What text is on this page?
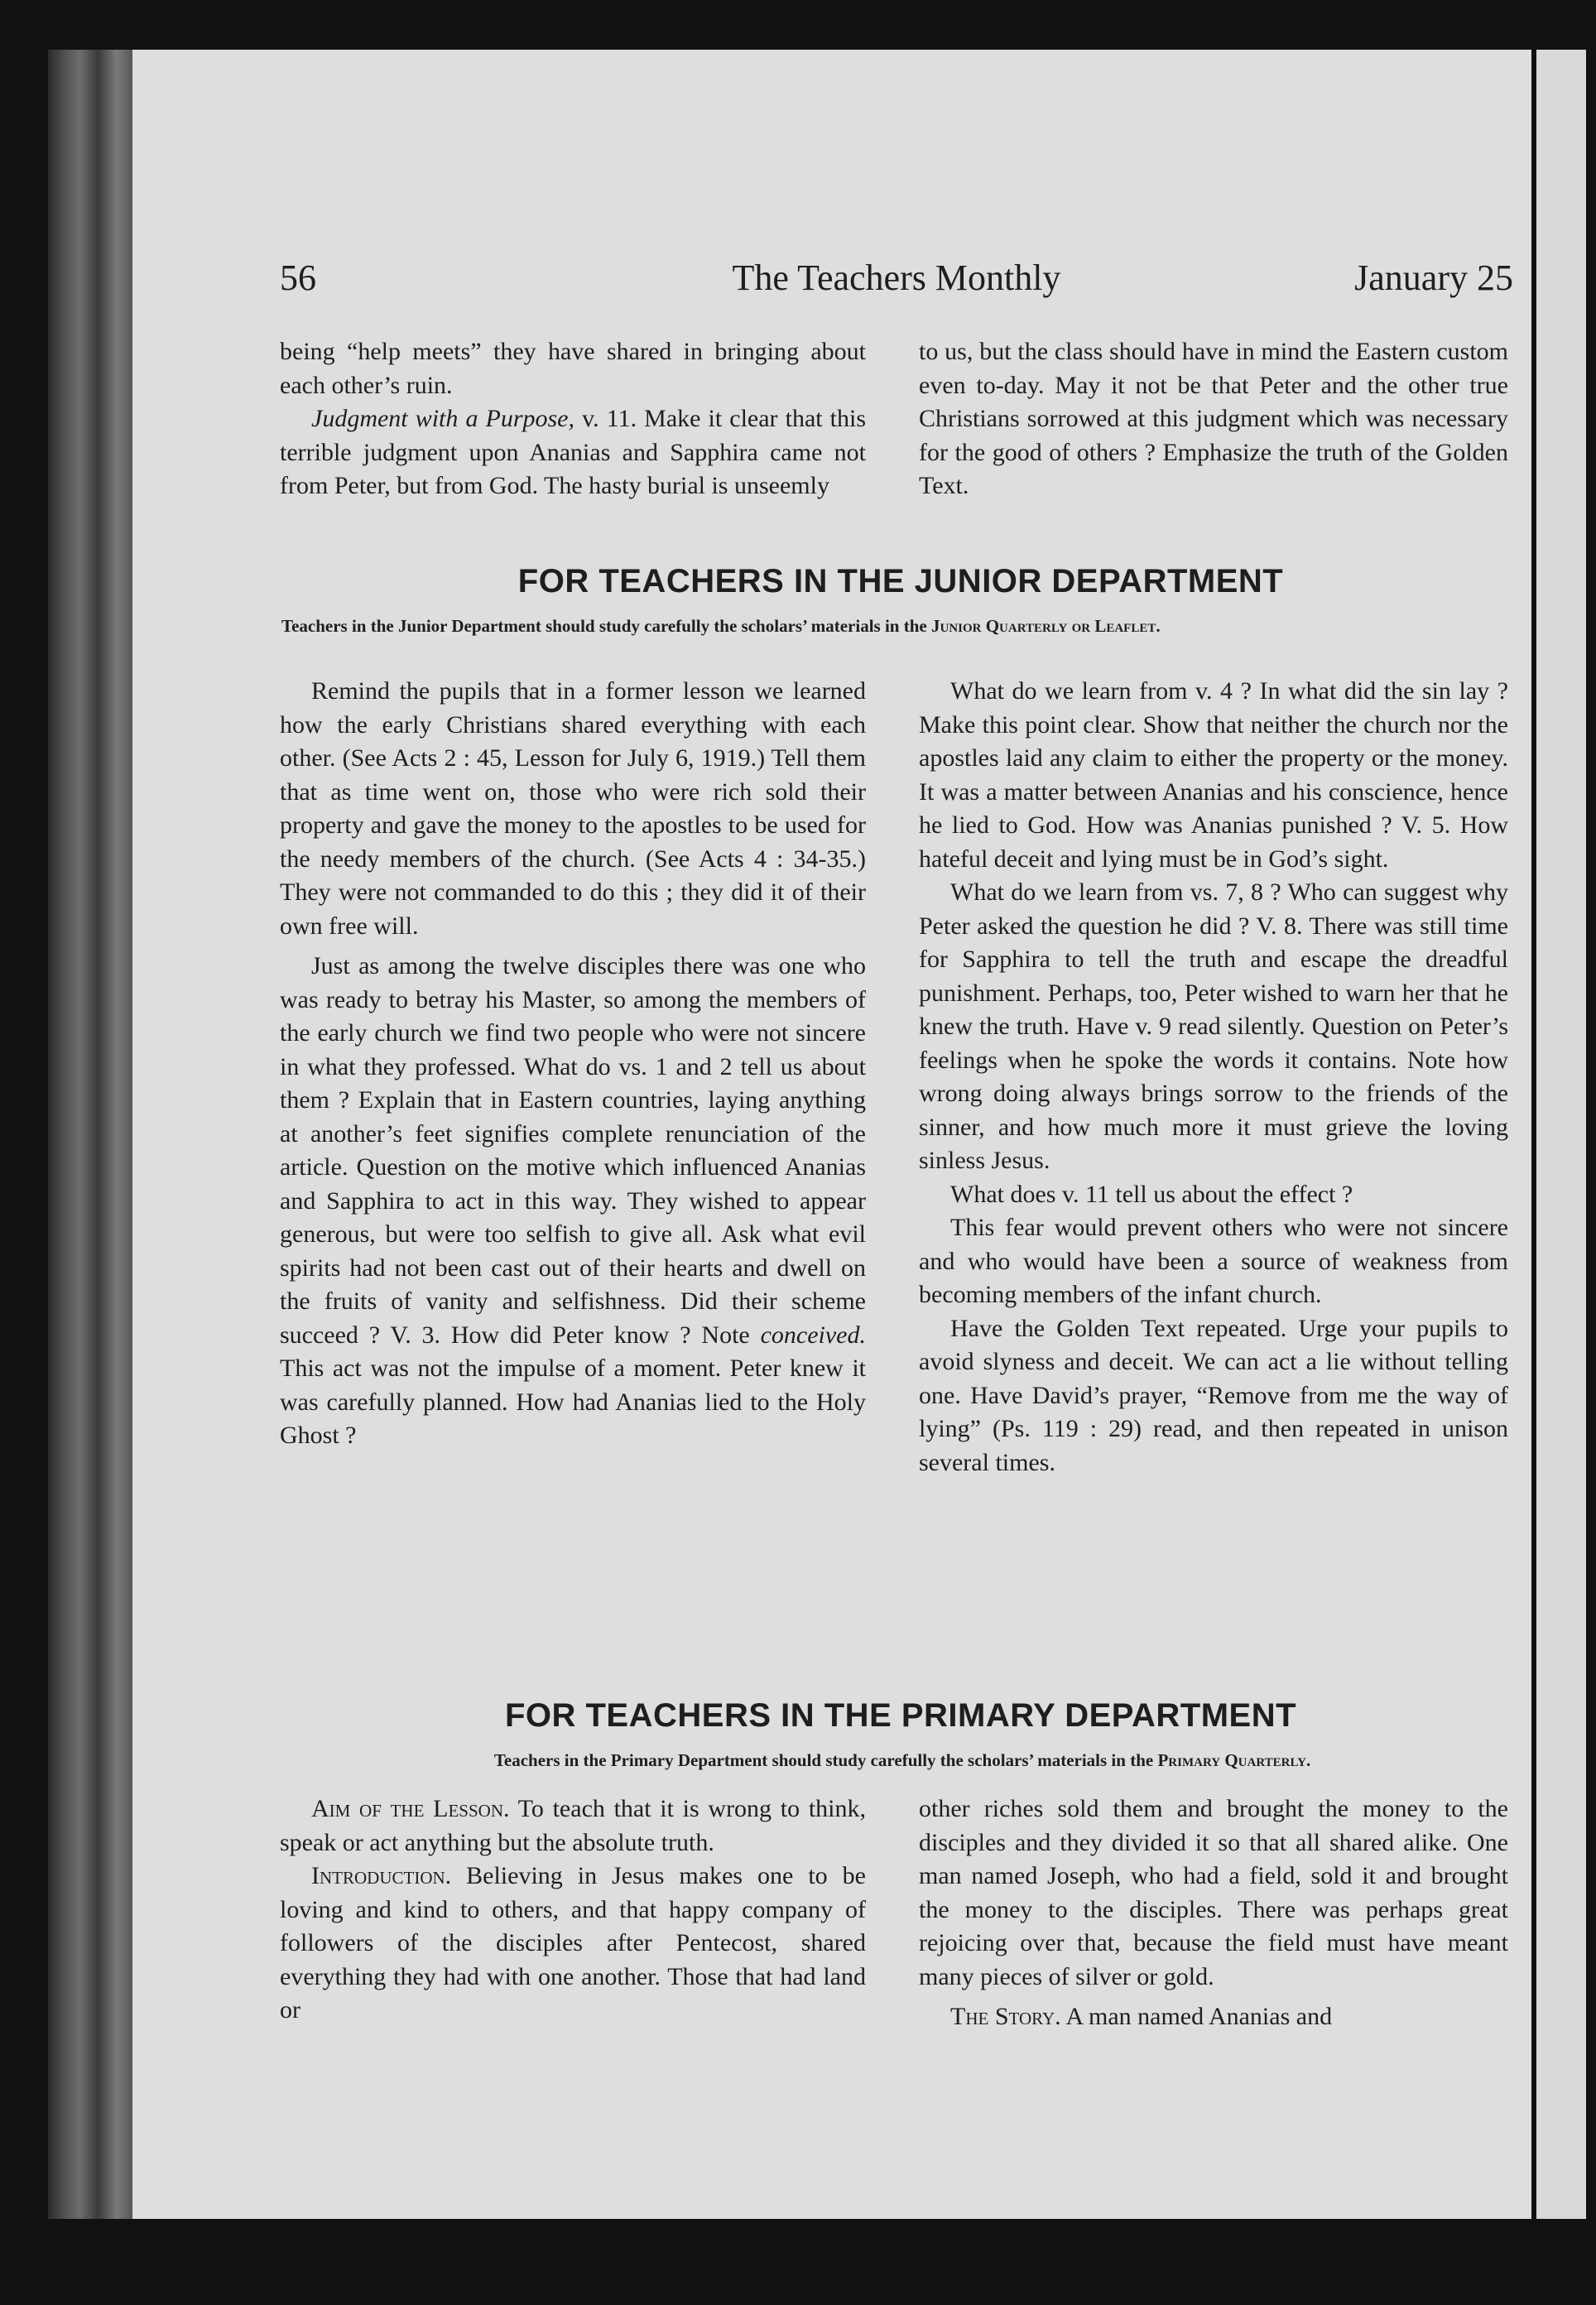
56	The Teachers Monthly	January 25

being “help meets” they have shared in bringing about each other’s ruin.

Judgment with a Purpose, v. 11. Make it clear that this terrible judgment upon Ananias and Sapphira came not from Peter, but from God. The hasty burial is unseemly

to us, but the class should have in mind the Eastern custom even to-day. May it not be that Peter and the other true Christians sorrowed at this judgment which was necessary for the good of others ? Emphasize the truth of the Golden Text.

FOR TEACHERS IN THE JUNIOR DEPARTMENT
Teachers in the Junior Department should study carefully the scholars’ materials in the Junior Quarterly or Leaflet.

Remind the pupils that in a former lesson we learned how the early Christians shared everything with each other. (See Acts 2 : 45, Lesson for July 6, 1919.) Tell them that as time went on, those who were rich sold their property and gave the money to the apostles to be used for the needy members of the church. (See Acts 4 : 34-35.) They were not commanded to do this ; they did it of their own free will.

Just as among the twelve disciples there was one who was ready to betray his Master, so among the members of the early church we find two people who were not sincere in what they professed. What do vs. 1 and 2 tell us about them ? Explain that in Eastern countries, laying anything at another’s feet signifies complete renunciation of the article. Question on the motive which influenced Ananias and Sapphira to act in this way. They wished to appear generous, but were too selfish to give all. Ask what evil spirits had not been cast out of their hearts and dwell on the fruits of vanity and selfishness. Did their scheme succeed ? V. 3. How did Peter know ? Note conceived. This act was not the impulse of a moment. Peter knew it was carefully planned. How had Ananias lied to the Holy Ghost ?

What do we learn from v. 4 ? In what did the sin lay ? Make this point clear. Show that neither the church nor the apostles laid any claim to either the property or the money. It was a matter between Ananias and his conscience, hence he lied to God. How was Ananias punished ? V. 5. How hateful deceit and lying must be in God’s sight.

What do we learn from vs. 7, 8 ? Who can suggest why Peter asked the question he did ? V. 8. There was still time for Sapphira to tell the truth and escape the dreadful punishment. Perhaps, too, Peter wished to warn her that he knew the truth. Have v. 9 read silently. Question on Peter’s feelings when he spoke the words it contains. Note how wrong doing always brings sorrow to the friends of the sinner, and how much more it must grieve the loving sinless Jesus.

What does v. 11 tell us about the effect ?

This fear would prevent others who were not sincere and who would have been a source of weakness from becoming members of the infant church.

Have the Golden Text repeated. Urge your pupils to avoid slyness and deceit. We can act a lie without telling one. Have David’s prayer, “Remove from me the way of lying” (Ps. 119 : 29) read, and then repeated in unison several times.

FOR TEACHERS IN THE PRIMARY DEPARTMENT
Teachers in the Primary Department should study carefully the scholars’ materials in the Primary Quarterly.

Aim of the Lesson. To teach that it is wrong to think, speak or act anything but the absolute truth.

Introduction. Believing in Jesus makes one to be loving and kind to others, and that happy company of followers of the disciples after Pentecost, shared everything they had with one another. Those that had land or

other riches sold them and brought the money to the disciples and they divided it so that all shared alike. One man named Joseph, who had a field, sold it and brought the money to the disciples. There was perhaps great rejoicing over that, because the field must have meant many pieces of silver or gold.

The Story. A man named Ananias and
